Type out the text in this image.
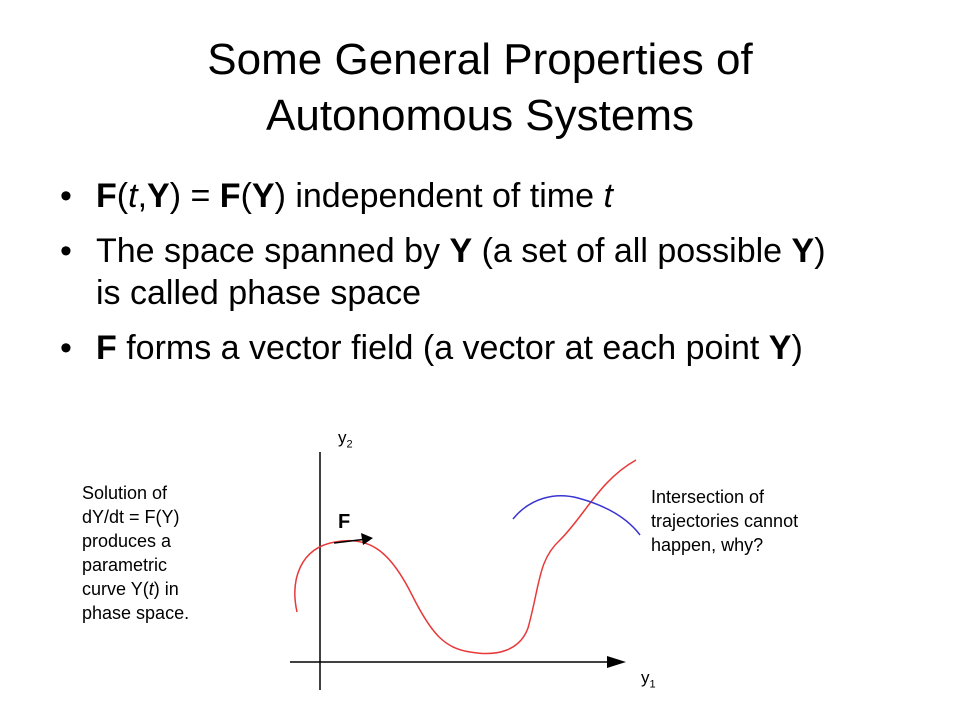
Some General Properties of
Autonomous Systems
• F(t,Y) = F(Y) independent of time t
• The space spanned by Y (a set of all possible Y) is called phase space
• F forms a vector field (a vector at each point Y)
Solution of
dY/dt = F(Y)
produces a
parametric
curve Y(t) in
phase space.
Intersection of
trajectories cannot
happen, why?
$y_2$
$y_1$
F
